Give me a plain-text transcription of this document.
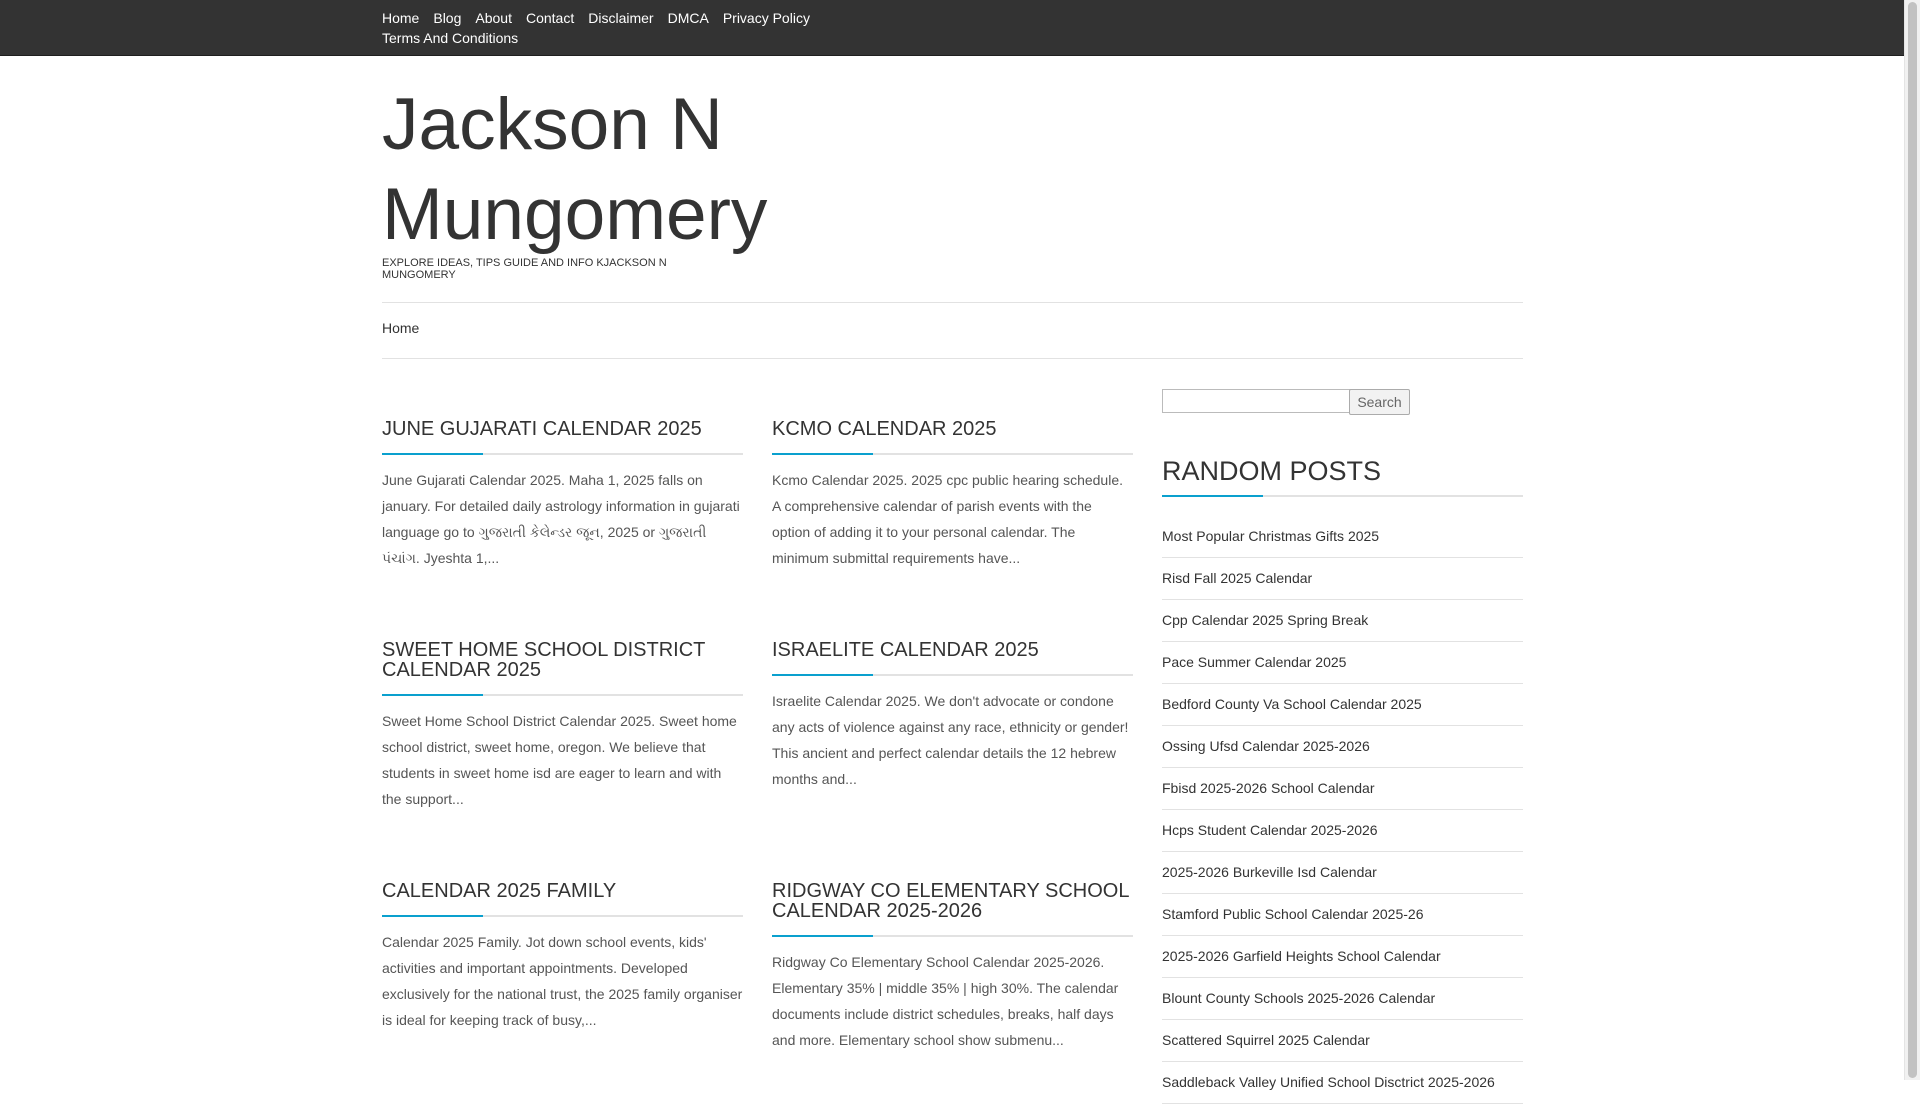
Home Blog About Contact Disclaimer DMCA Privacy Policy
Terms And Conditions
Jackson N Mungomery
EXPLORE IDEAS, TIPS GUIDE AND INFO KJACKSON N MUNGOMERY
Home
JUNE GUJARATI CALENDAR 2025

June Gujarati Calendar 2025. Maha 1, 2025 falls on january. For detailed daily astrology information in gujarati language go to ગુજરાતી કેલેન્ડર જૂન, 2025 or ગુજરાતી પંચાંગ. Jyeshta 1,...

KCMO CALENDAR 2025

Kcmo Calendar 2025. 2025 cpc public hearing schedule. A comprehensive calendar of parish events with the option of adding it to your personal calendar. The minimum submittal requirements have...

SWEET HOME SCHOOL DISTRICT CALENDAR 2025

Sweet Home School District Calendar 2025. Sweet home school district, sweet home, oregon. We believe that students in sweet home isd are eager to learn and with the support...

ISRAELITE CALENDAR 2025

Israelite Calendar 2025. We don't advocate or condone any acts of violence against any race, ethnicity or gender! This ancient and perfect calendar details the 12 hebrew months and...

CALENDAR 2025 FAMILY

Calendar 2025 Family. Jot down school events, kids' activities and important appointments. Developed exclusively for the national trust, the 2025 family organiser is ideal for keeping track of busy,...

RIDGWAY CO ELEMENTARY SCHOOL CALENDAR 2025-2026

Ridgway Co Elementary School Calendar 2025-2026. Elementary 35% | middle 35% | high 30%. The calendar documents include district schedules, breaks, half days and more. Elementary school show submenu...

Search
RANDOM POSTS
Most Popular Christmas Gifts 2025
Risd Fall 2025 Calendar
Cpp Calendar 2025 Spring Break
Pace Summer Calendar 2025
Bedford County Va School Calendar 2025
Ossing Ufsd Calendar 2025-2026
Fbisd 2025-2026 School Calendar
Hcps Student Calendar 2025-2026
2025-2026 Burkeville Isd Calendar
Stamford Public School Calendar 2025-26
2025-2026 Garfield Heights School Calendar
Blount County Schools 2025-2026 Calendar
Scattered Squirrel 2025 Calendar
Saddleback Valley Unified School Disctrict 2025-2026
